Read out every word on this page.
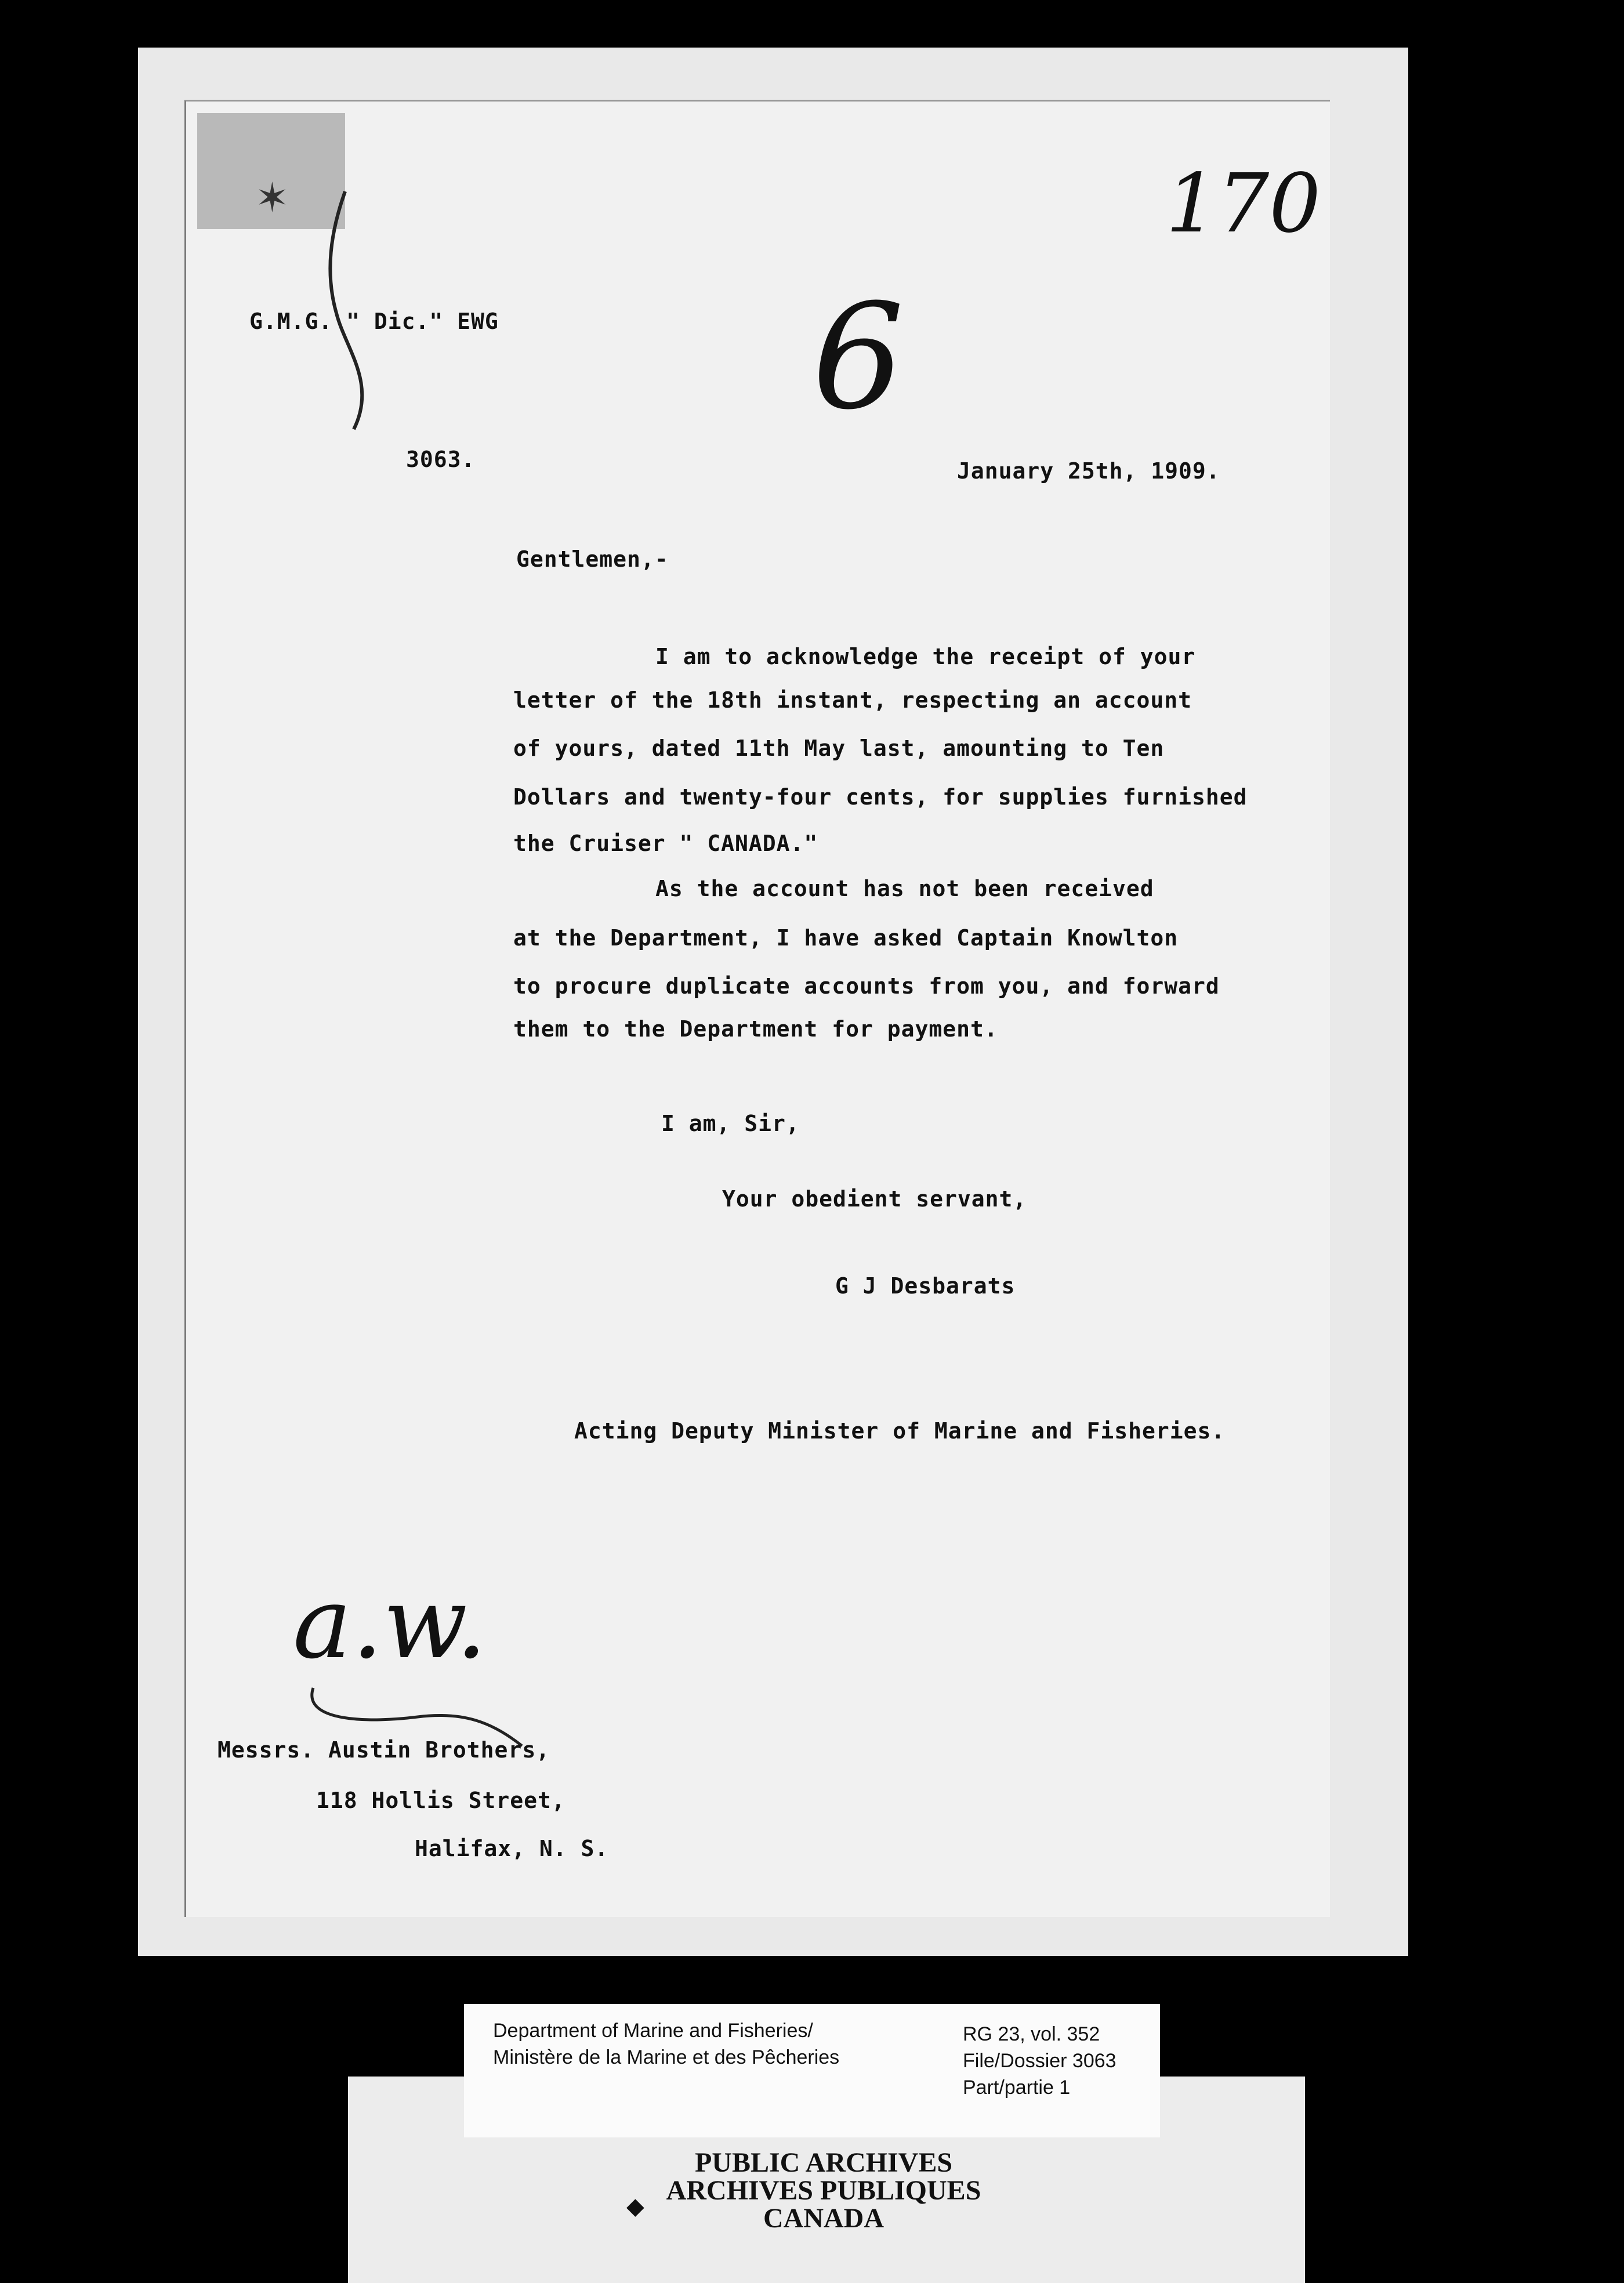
✶	170
6
G.M.G. " Dic." EWG
3063.	January 25th, 1909.
Gentlemen,-
I am to acknowledge the receipt of your
letter of the 18th instant, respecting an account
of yours, dated 11th May last, amounting to Ten
Dollars and twenty-four cents, for supplies furnished
the Cruiser " CANADA."
As the account has not been received
at the Department, I have asked Captain Knowlton
to procure duplicate accounts from you, and forward
them to the Department for payment.
I am, Sir,
Your obedient servant,
G J Desbarats
Acting Deputy Minister of Marine and Fisheries.
a.w.
Messrs. Austin Brothers,
118 Hollis Street,
Halifax, N. S.
Department of Marine and Fisheries/
Ministère de la Marine et des Pêcheries
RG 23, vol. 352
File/Dossier 3063
Part/partie 1
PUBLIC ARCHIVES
ARCHIVES PUBLIQUES
CANADA
◆
